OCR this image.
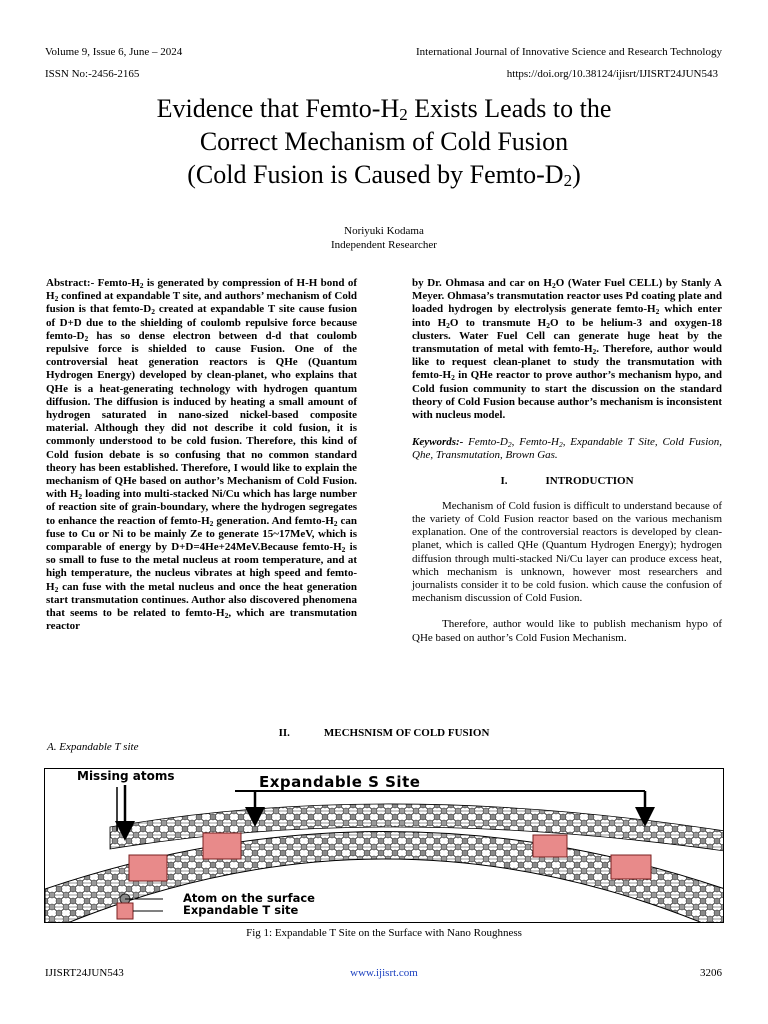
Volume 9, Issue 6, June – 2024	International Journal of Innovative Science and Research Technology
ISSN No:-2456-2165	https://doi.org/10.38124/ijisrt/IJISRT24JUN543
Evidence that Femto-$H_2$ Exists Leads to the
Correct Mechanism of Cold Fusion
(Cold Fusion is Caused by Femto-$D_2$)
Noriyuki Kodama
Independent Researcher

Abstract:- Femto-$H_2$ is generated by compression of H-H bond of $H_2$ confined at expandable T site, and authors’ mechanism of Cold fusion is that femto-$D_2$ created at expandable T site cause fusion of D+D due to the shielding of coulomb repulsive force because femto-$D_2$ has so dense electron between d-d that coulomb repulsive force is shielded to cause Fusion. One of the controversial heat generation reactors is QHe (Quantum Hydrogen Energy) developed by clean-planet, who explains that QHe is a heat-generating technology with hydrogen quantum diffusion. The diffusion is induced by heating a small amount of hydrogen saturated in nano-sized nickel-based composite material. Although they did not describe it cold fusion, it is commonly understood to be cold fusion. Therefore, this kind of Cold fusion debate is so confusing that no common standard theory has been established. Therefore, I would like to explain the mechanism of QHe based on author’s Mechanism of Cold Fusion. with $H_2$ loading into multi-stacked Ni/Cu which has large number of reaction site of grain-boundary, where the hydrogen segregates to enhance the reaction of femto-$H_2$ generation. And femto-$H_2$ can fuse to Cu or Ni to be mainly Ze to generate 15~17MeV, which is comparable of energy by D+D=4He+24MeV.Because femto-$H_2$ is so small to fuse to the metal nucleus at room temperature, and at high temperature, the nucleus vibrates at high speed and femto-$H_2$ can fuse with the metal nucleus and once the heat generation start transmutation continues. Author also discovered phenomena that seems to be related to femto-$H_2$, which are transmutation reactor

by Dr. Ohmasa and car on $H_2O$ (Water Fuel CELL) by Stanly A Meyer. Ohmasa’s transmutation reactor uses Pd coating plate and loaded hydrogen by electrolysis generate femto-$H_2$ which enter into $H_2O$ to transmute $H_2O$ to be helium-3 and oxygen-18 clusters. Water Fuel Cell can generate huge heat by the transmutation of metal with femto-$H_2$. Therefore, author would like to request clean-planet to study the transmutation with femto-$H_2$ in QHe reactor to prove author’s mechanism hypo, and Cold fusion community to start the discussion on the standard theory of Cold Fusion because author’s mechanism is inconsistent with nucleus model.

Keywords:- Femto-$D_2$, Femto-$H_2$, Expandable T Site, Cold Fusion, Qhe, Transmutation, Brown Gas.

I.	INTRODUCTION

Mechanism of Cold fusion is difficult to understand because of the variety of Cold Fusion reactor based on the various mechanism explanation. One of the controversial reactors is developed by clean-planet, which is called QHe (Quantum Hydrogen Energy); hydrogen diffusion through multi-stacked Ni/Cu layer can produce excess heat, which mechanism is unknown, however most researchers and journalists consider it to be cold fusion. which cause the confusion of mechanism discussion of Cold Fusion.

Therefore, author would like to publish mechanism hypo of QHe based on author’s Cold Fusion Mechanism.

II.	MECHSNISM OF COLD FUSION
A. Expandable T site
Missing atoms	Expandable S Site
Atom on the surface
Expandable T site
Fig 1: Expandable T Site on the Surface with Nano Roughness
IJISRT24JUN543	www.ijisrt.com	3206
